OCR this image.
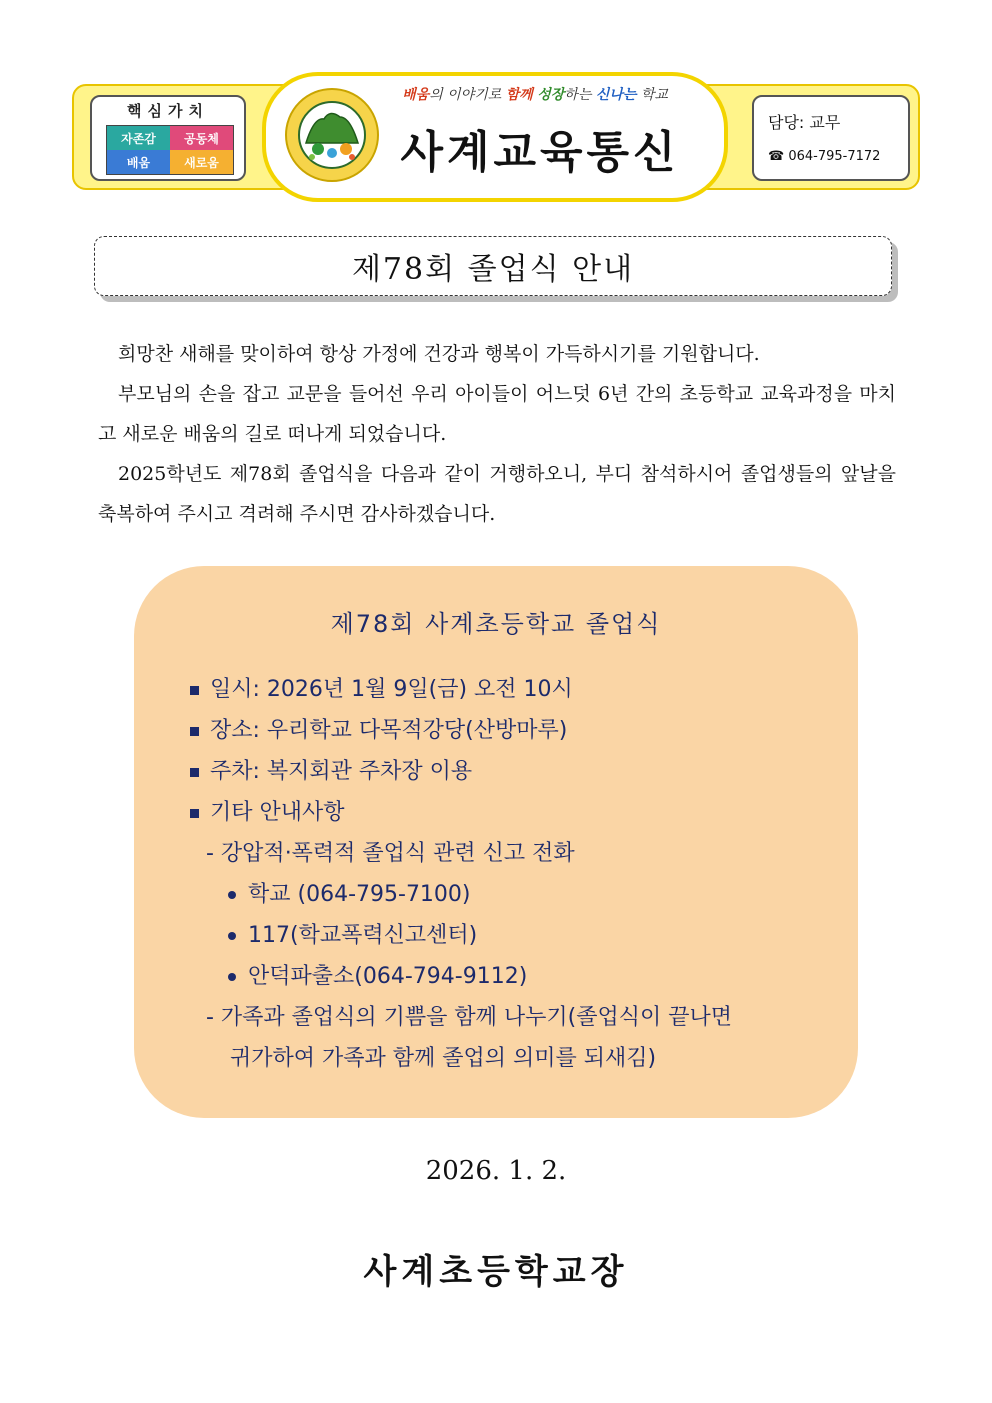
핵심가치
자존감	공동체
배움	새로움
배움의 이야기로 함께 성장하는 신나는 학교
사계교육통신
담당: 교무
☎ 064-795-7172
제78회 졸업식 안내

희망찬 새해를 맞이하여 항상 가정에 건강과 행복이 가득하시기를 기원합니다.

부모님의 손을 잡고 교문을 들어선 우리 아이들이 어느덧 6년 간의 초등학교 교육과정을 마치고 새로운 배움의 길로 떠나게 되었습니다.

2025학년도 제78회 졸업식을 다음과 같이 거행하오니, 부디 참석하시어 졸업생들의 앞날을 축복하여 주시고 격려해 주시면 감사하겠습니다.

제78회 사계초등학교 졸업식
일시: 2026년 1월 9일(금) 오전 10시
장소: 우리학교 다목적강당(산방마루)
주차: 복지회관 주차장 이용
기타 안내사항
- 강압적·폭력적 졸업식 관련 신고 전화
학교 (064-795-7100)
117(학교폭력신고센터)
안덕파출소(064-794-9112)
- 가족과 졸업식의 기쁨을 함께 나누기(졸업식이 끝나면
귀가하여 가족과 함께 졸업의 의미를 되새김)
2026. 1. 2.
사계초등학교장
